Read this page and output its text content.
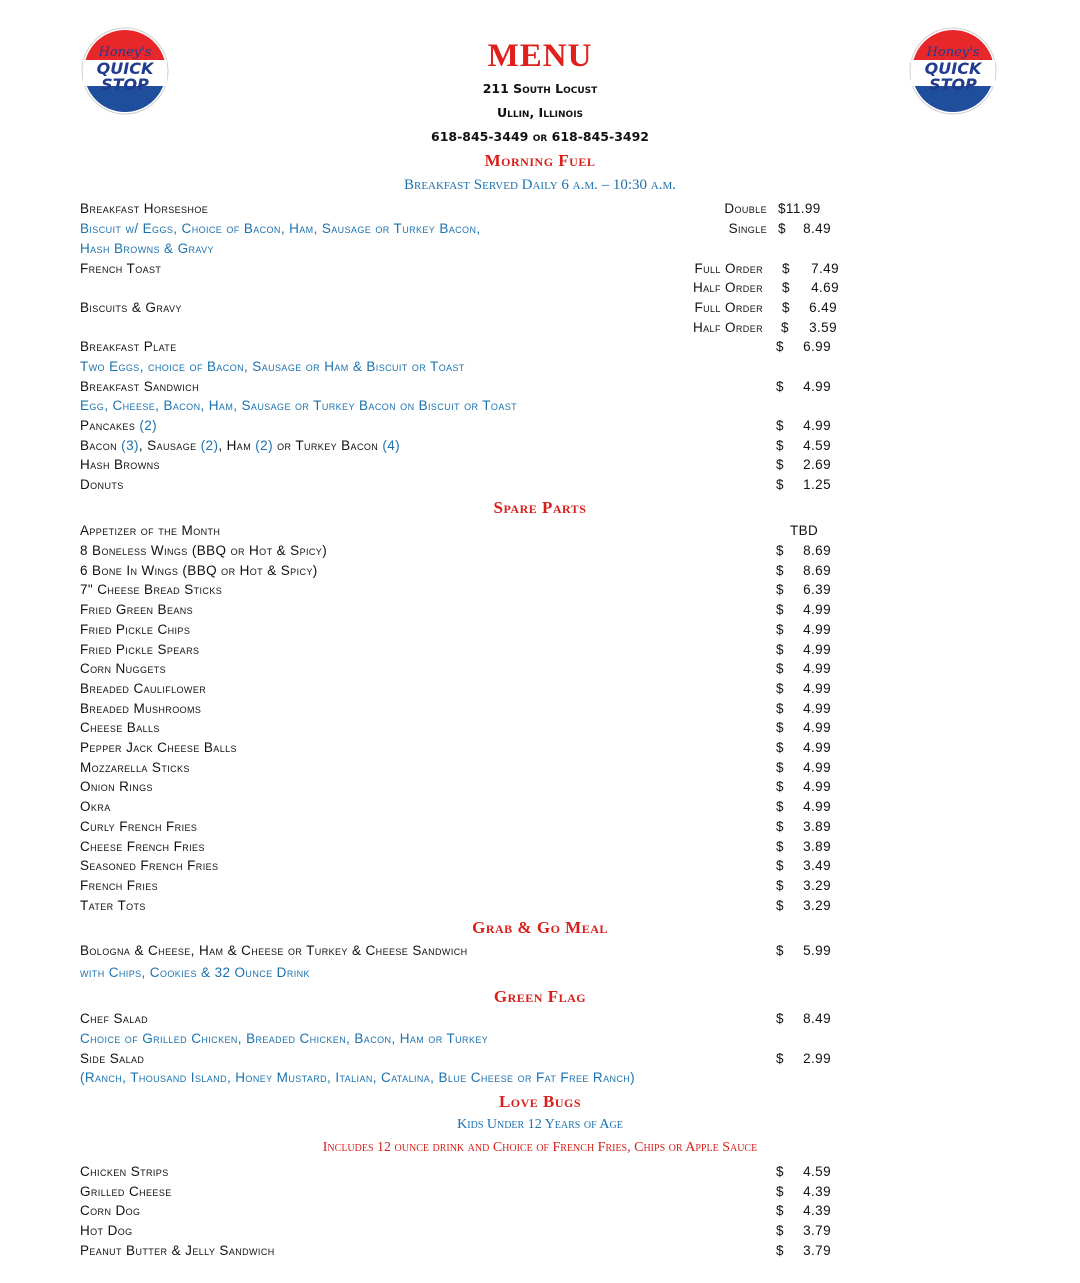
Honey's
QUICK
STOP
Honey's
QUICK
STOP
MENU
211 South Locust
Ullin, Illinois
618-845-3449 or 618-845-3492
Morning Fuel
Breakfast Served Daily 6 a.m. – 10:30 a.m.
Breakfast Horseshoe	Double $11.99
Biscuit w/ Eggs, Choice of Bacon, Ham, Sausage or Turkey Bacon,	Single $ 8.49
Hash Browns & Gravy
French Toast	Full Order $ 7.49
Half Order $ 4.69
Biscuits & Gravy	Full Order $ 6.49
Half Order $ 3.59
Breakfast Plate	$ 6.99
Two Eggs, choice of Bacon, Sausage or Ham & Biscuit or Toast
Breakfast Sandwich	$ 4.99
Egg, Cheese, Bacon, Ham, Sausage or Turkey Bacon on Biscuit or Toast
Pancakes (2)	$ 4.99
Bacon (3), Sausage (2), Ham (2) or Turkey Bacon (4)	$ 4.59
Hash Browns	$ 2.69
Donuts	$ 1.25
Spare Parts
Appetizer of the Month	TBD
8 Boneless Wings (BBQ or Hot & Spicy)	$ 8.69
6 Bone In Wings (BBQ or Hot & Spicy)	$ 8.69
7" Cheese Bread Sticks	$ 6.39
Fried Green Beans	$ 4.99
Fried Pickle Chips	$ 4.99
Fried Pickle Spears	$ 4.99
Corn Nuggets	$ 4.99
Breaded Cauliflower	$ 4.99
Breaded Mushrooms	$ 4.99
Cheese Balls	$ 4.99
Pepper Jack Cheese Balls	$ 4.99
Mozzarella Sticks	$ 4.99
Onion Rings	$ 4.99
Okra	$ 4.99
Curly French Fries	$ 3.89
Cheese French Fries	$ 3.89
Seasoned French Fries	$ 3.49
French Fries	$ 3.29
Tater Tots	$ 3.29
Grab & Go Meal
Bologna & Cheese, Ham & Cheese or Turkey & Cheese Sandwich	$ 5.99
with Chips, Cookies & 32 Ounce Drink
Green Flag
Chef Salad	$ 8.49
Choice of Grilled Chicken, Breaded Chicken, Bacon, Ham or Turkey
Side Salad	$ 2.99
(Ranch, Thousand Island, Honey Mustard, Italian, Catalina, Blue Cheese or Fat Free Ranch)
Love Bugs
Kids Under 12 Years of Age
Includes 12 ounce drink and Choice of French Fries, Chips or Apple Sauce
Chicken Strips	$ 4.59
Grilled Cheese	$ 4.39
Corn Dog	$ 4.39
Hot Dog	$ 3.79
Peanut Butter & Jelly Sandwich	$ 3.79
